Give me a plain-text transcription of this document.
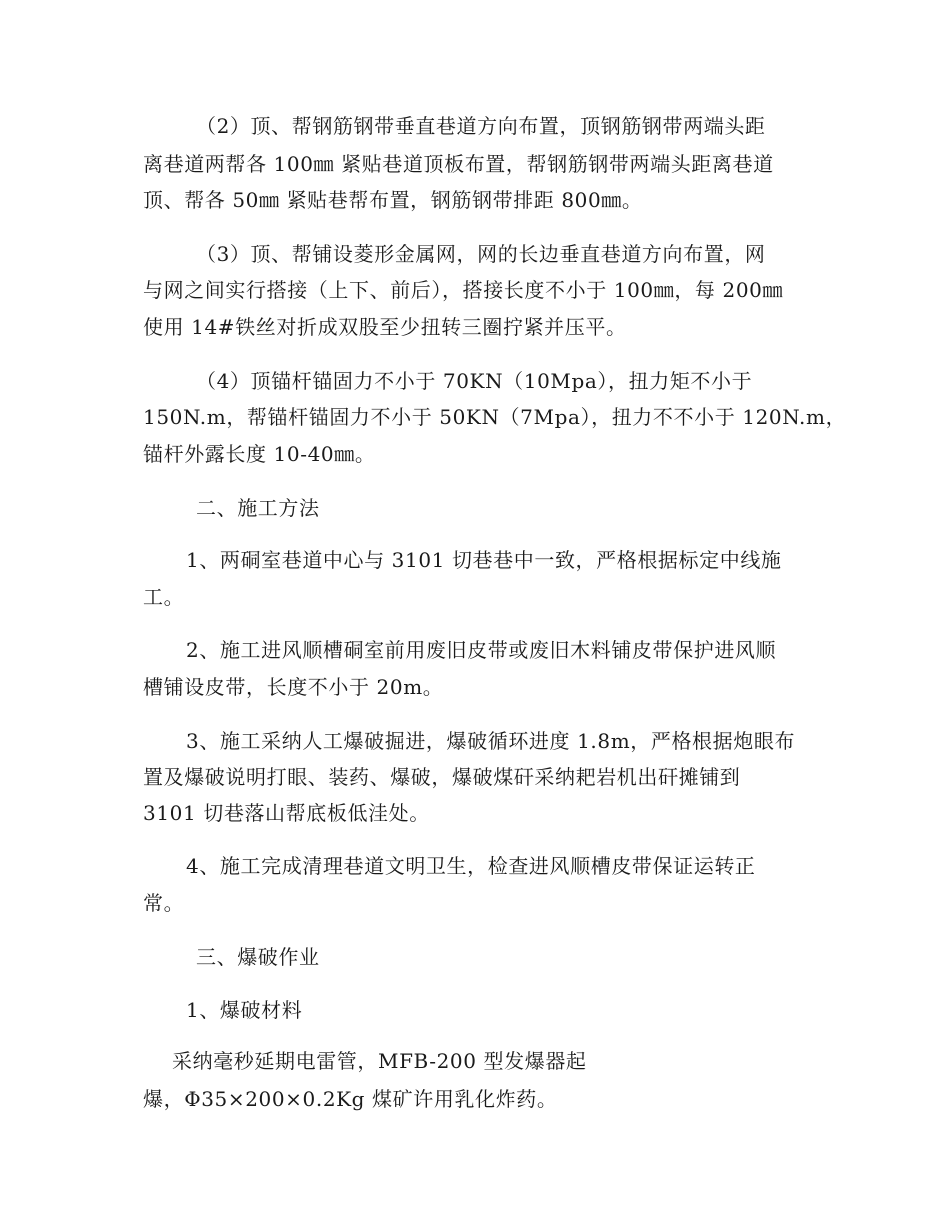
（2）顶、帮钢筋钢带垂直巷道方向布置，顶钢筋钢带两端头距
离巷道两帮各 100㎜ 紧贴巷道顶板布置，帮钢筋钢带两端头距离巷道
顶、帮各 50㎜ 紧贴巷帮布置，钢筋钢带排距 800㎜。
（3）顶、帮铺设菱形金属网，网的长边垂直巷道方向布置，网
与网之间实行搭接（上下、前后），搭接长度不小于 100㎜，每 200㎜
使用 14#铁丝对折成双股至少扭转三圈拧紧并压平。
（4）顶锚杆锚固力不小于 70KN（10Mpa），扭力矩不小于
150N.m，帮锚杆锚固力不小于 50KN（7Mpa），扭力不不小于 120N.m，
锚杆外露长度 10-40㎜。
二、施工方法
1、两硐室巷道中心与 3101 切巷巷中一致，严格根据标定中线施
工。
2、施工进风顺槽硐室前用废旧皮带或废旧木料铺皮带保护进风顺
槽铺设皮带，长度不小于 20m。
3、施工采纳人工爆破掘进，爆破循环进度 1.8m，严格根据炮眼布
置及爆破说明打眼、装药、爆破，爆破煤矸采纳耙岩机出矸摊铺到
3101 切巷落山帮底板低洼处。
4、施工完成清理巷道文明卫生，检查进风顺槽皮带保证运转正
常。
三、爆破作业
1、爆破材料
采纳毫秒延期电雷管，MFB-200 型发爆器起
爆，Φ35×200×0.2Kg 煤矿许用乳化炸药。
